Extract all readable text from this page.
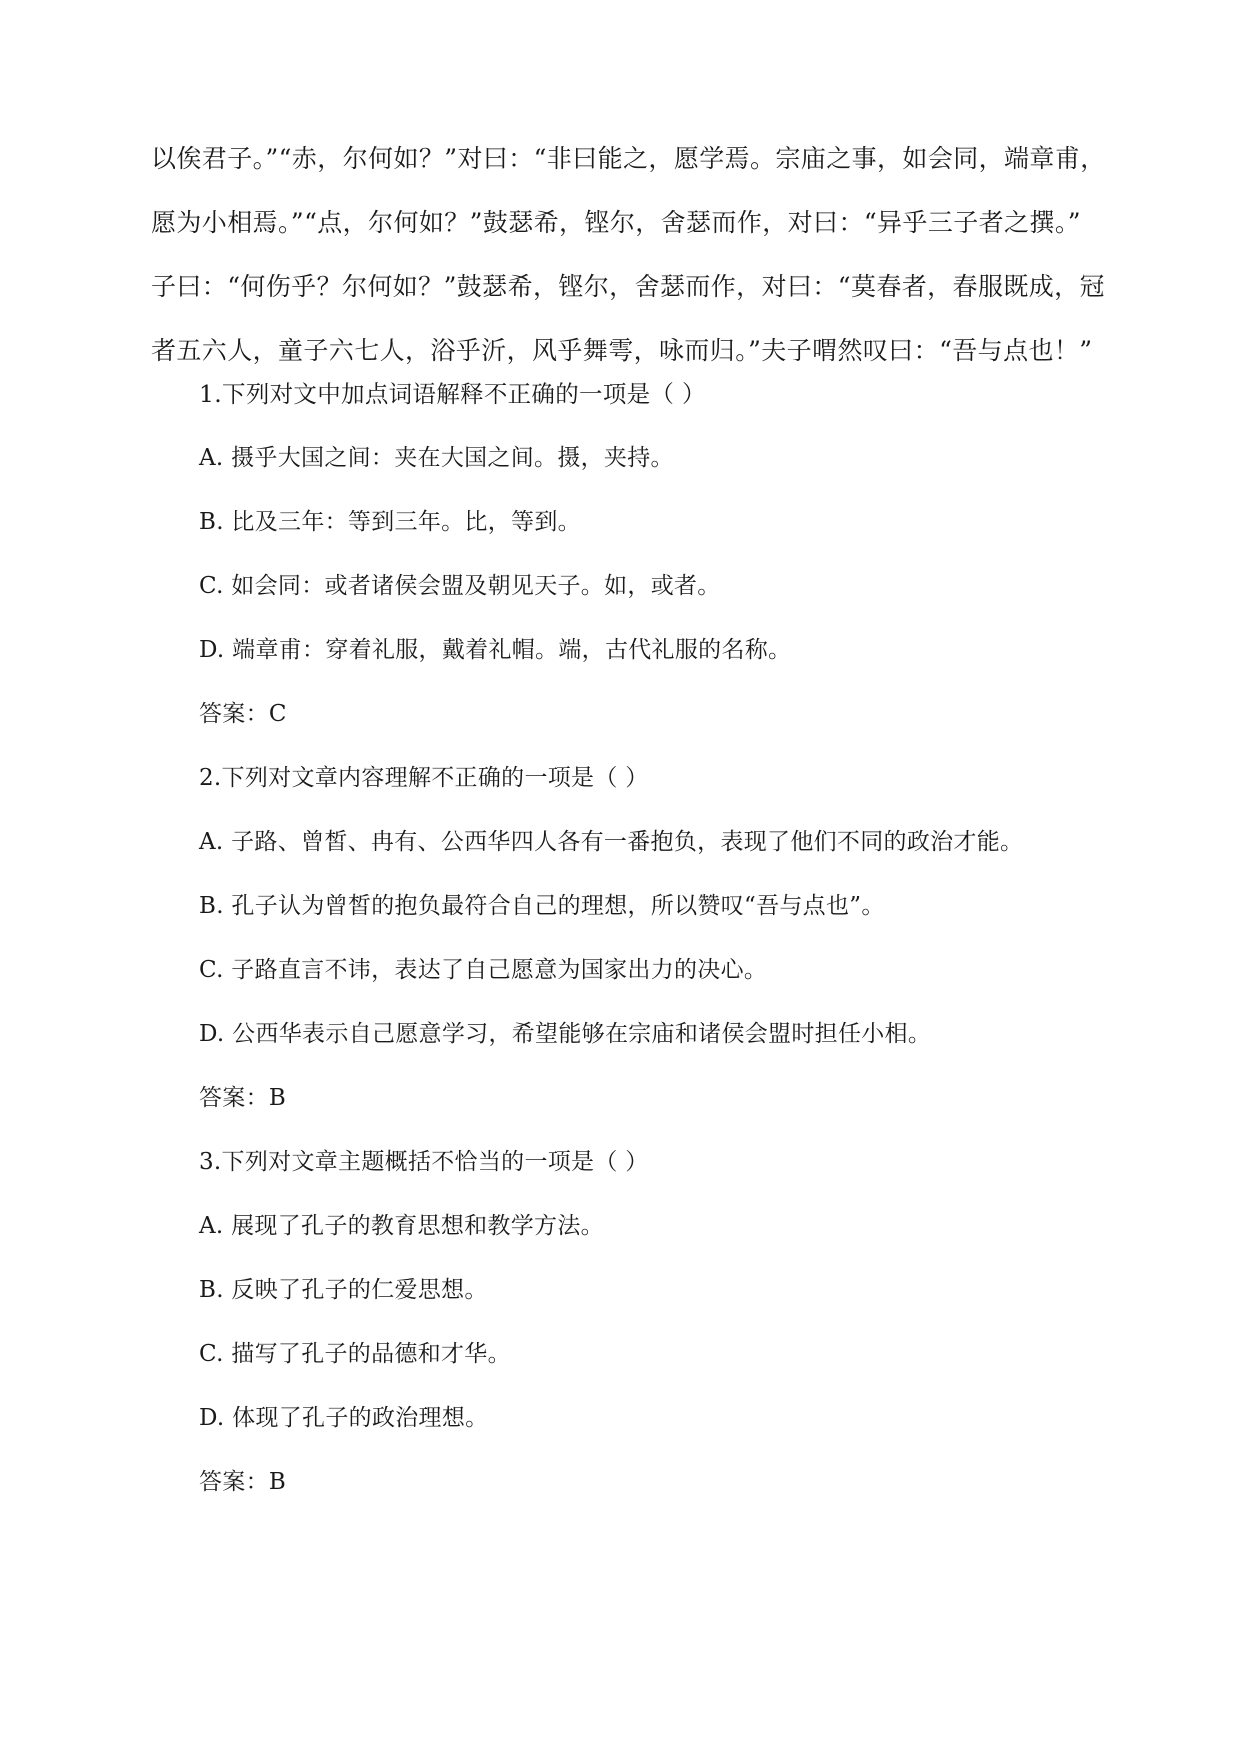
以俟君子。”“赤，尔何如？”对曰：“非曰能之，愿学焉。宗庙之事，如会同，端章甫，
愿为小相焉。”“点，尔何如？”鼓瑟希，铿尔，舍瑟而作，对曰：“异乎三子者之撰。”
子曰：“何伤乎？尔何如？”鼓瑟希，铿尔，舍瑟而作，对曰：“莫春者，春服既成，冠
者五六人，童子六七人，浴乎沂，风乎舞雩，咏而归。”夫子喟然叹曰：“吾与点也！”
1.下列对文中加点词语解释不正确的一项是（ ）
A. 摄乎大国之间：夹在大国之间。摄，夹持。
B. 比及三年：等到三年。比，等到。
C. 如会同：或者诸侯会盟及朝见天子。如，或者。
D. 端章甫：穿着礼服，戴着礼帽。端，古代礼服的名称。
答案：C
2.下列对文章内容理解不正确的一项是（ ）
A. 子路、曾皙、冉有、公西华四人各有一番抱负，表现了他们不同的政治才能。
B. 孔子认为曾皙的抱负最符合自己的理想，所以赞叹“吾与点也”。
C. 子路直言不讳，表达了自己愿意为国家出力的决心。
D. 公西华表示自己愿意学习，希望能够在宗庙和诸侯会盟时担任小相。
答案：B
3.下列对文章主题概括不恰当的一项是（ ）
A. 展现了孔子的教育思想和教学方法。
B. 反映了孔子的仁爱思想。
C. 描写了孔子的品德和才华。
D. 体现了孔子的政治理想。
答案：B
